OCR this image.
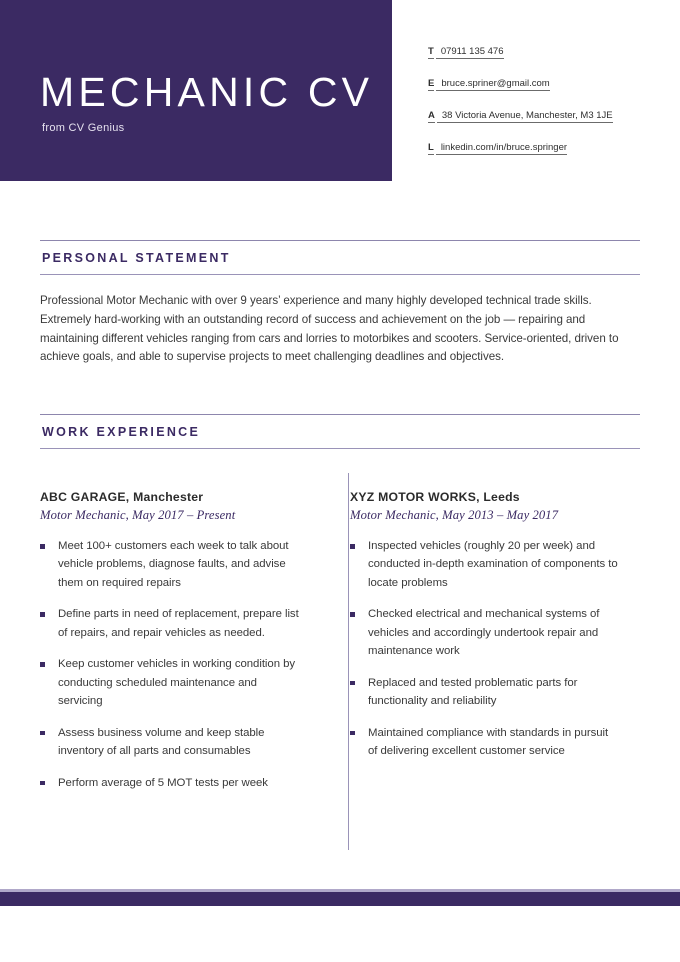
MECHANIC CV
from CV Genius
T 07911 135 476
E bruce.spriner@gmail.com
A 38 Victoria Avenue, Manchester, M3 1JE
L linkedin.com/in/bruce.springer
PERSONAL STATEMENT

Professional Motor Mechanic with over 9 years’ experience and many highly developed technical trade skills. Extremely hard-working with an outstanding record of success and achievement on the job — repairing and maintaining different vehicles ranging from cars and lorries to motorbikes and scooters. Service-oriented, driven to achieve goals, and able to supervise projects to meet challenging deadlines and objectives.

WORK EXPERIENCE
ABC GARAGE, Manchester
Motor Mechanic, May 2017 – Present
Meet 100+ customers each week to talk about vehicle problems, diagnose faults, and advise them on required repairs
Define parts in need of replacement, prepare list of repairs, and repair vehicles as needed.
Keep customer vehicles in working condition by conducting scheduled maintenance and servicing
Assess business volume and keep stable inventory of all parts and consumables
Perform average of 5 MOT tests per week
XYZ MOTOR WORKS, Leeds
Motor Mechanic, May 2013 – May 2017
Inspected vehicles (roughly 20 per week) and conducted in-depth examination of components to locate problems
Checked electrical and mechanical systems of vehicles and accordingly undertook repair and maintenance work
Replaced and tested problematic parts for functionality and reliability
Maintained compliance with standards in pursuit of delivering excellent customer service
